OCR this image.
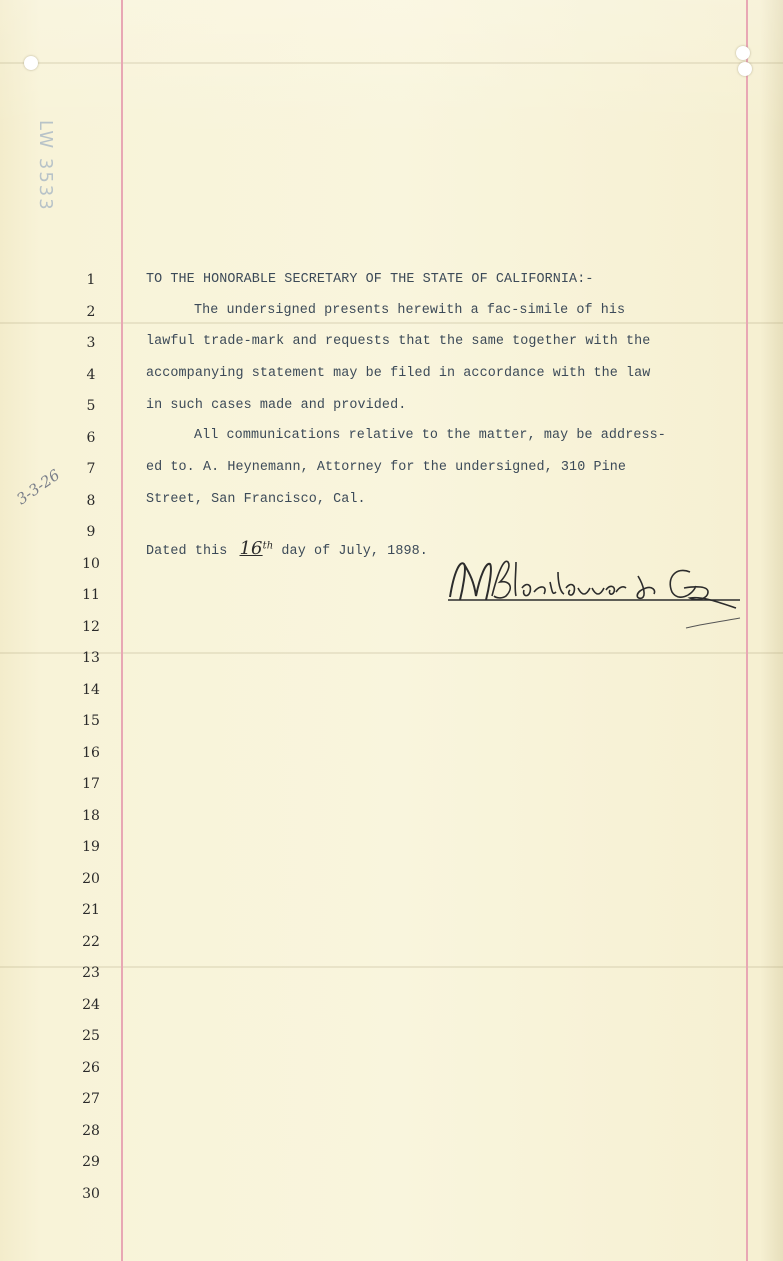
LW 3533
3-3-26
1
2
3
4
5
6
7
8
9
10
11
12
13
14
15
16
17
18
19
20
21
22
23
24
25
26
27
28
29
30
TO THE HONORABLE SECRETARY OF THE STATE OF CALIFORNIA:-
The undersigned presents herewith a fac-simile of his
lawful trade-mark and requests that the same together with the
accompanying statement may be filed in accordance with the law
in such cases made and provided.
All communications relative to the matter, may be address-
ed to. A. Heynemann, Attorney for the undersigned, 310 Pine
Street, San Francisco, Cal.
Dated this 16th day of July, 1898.
